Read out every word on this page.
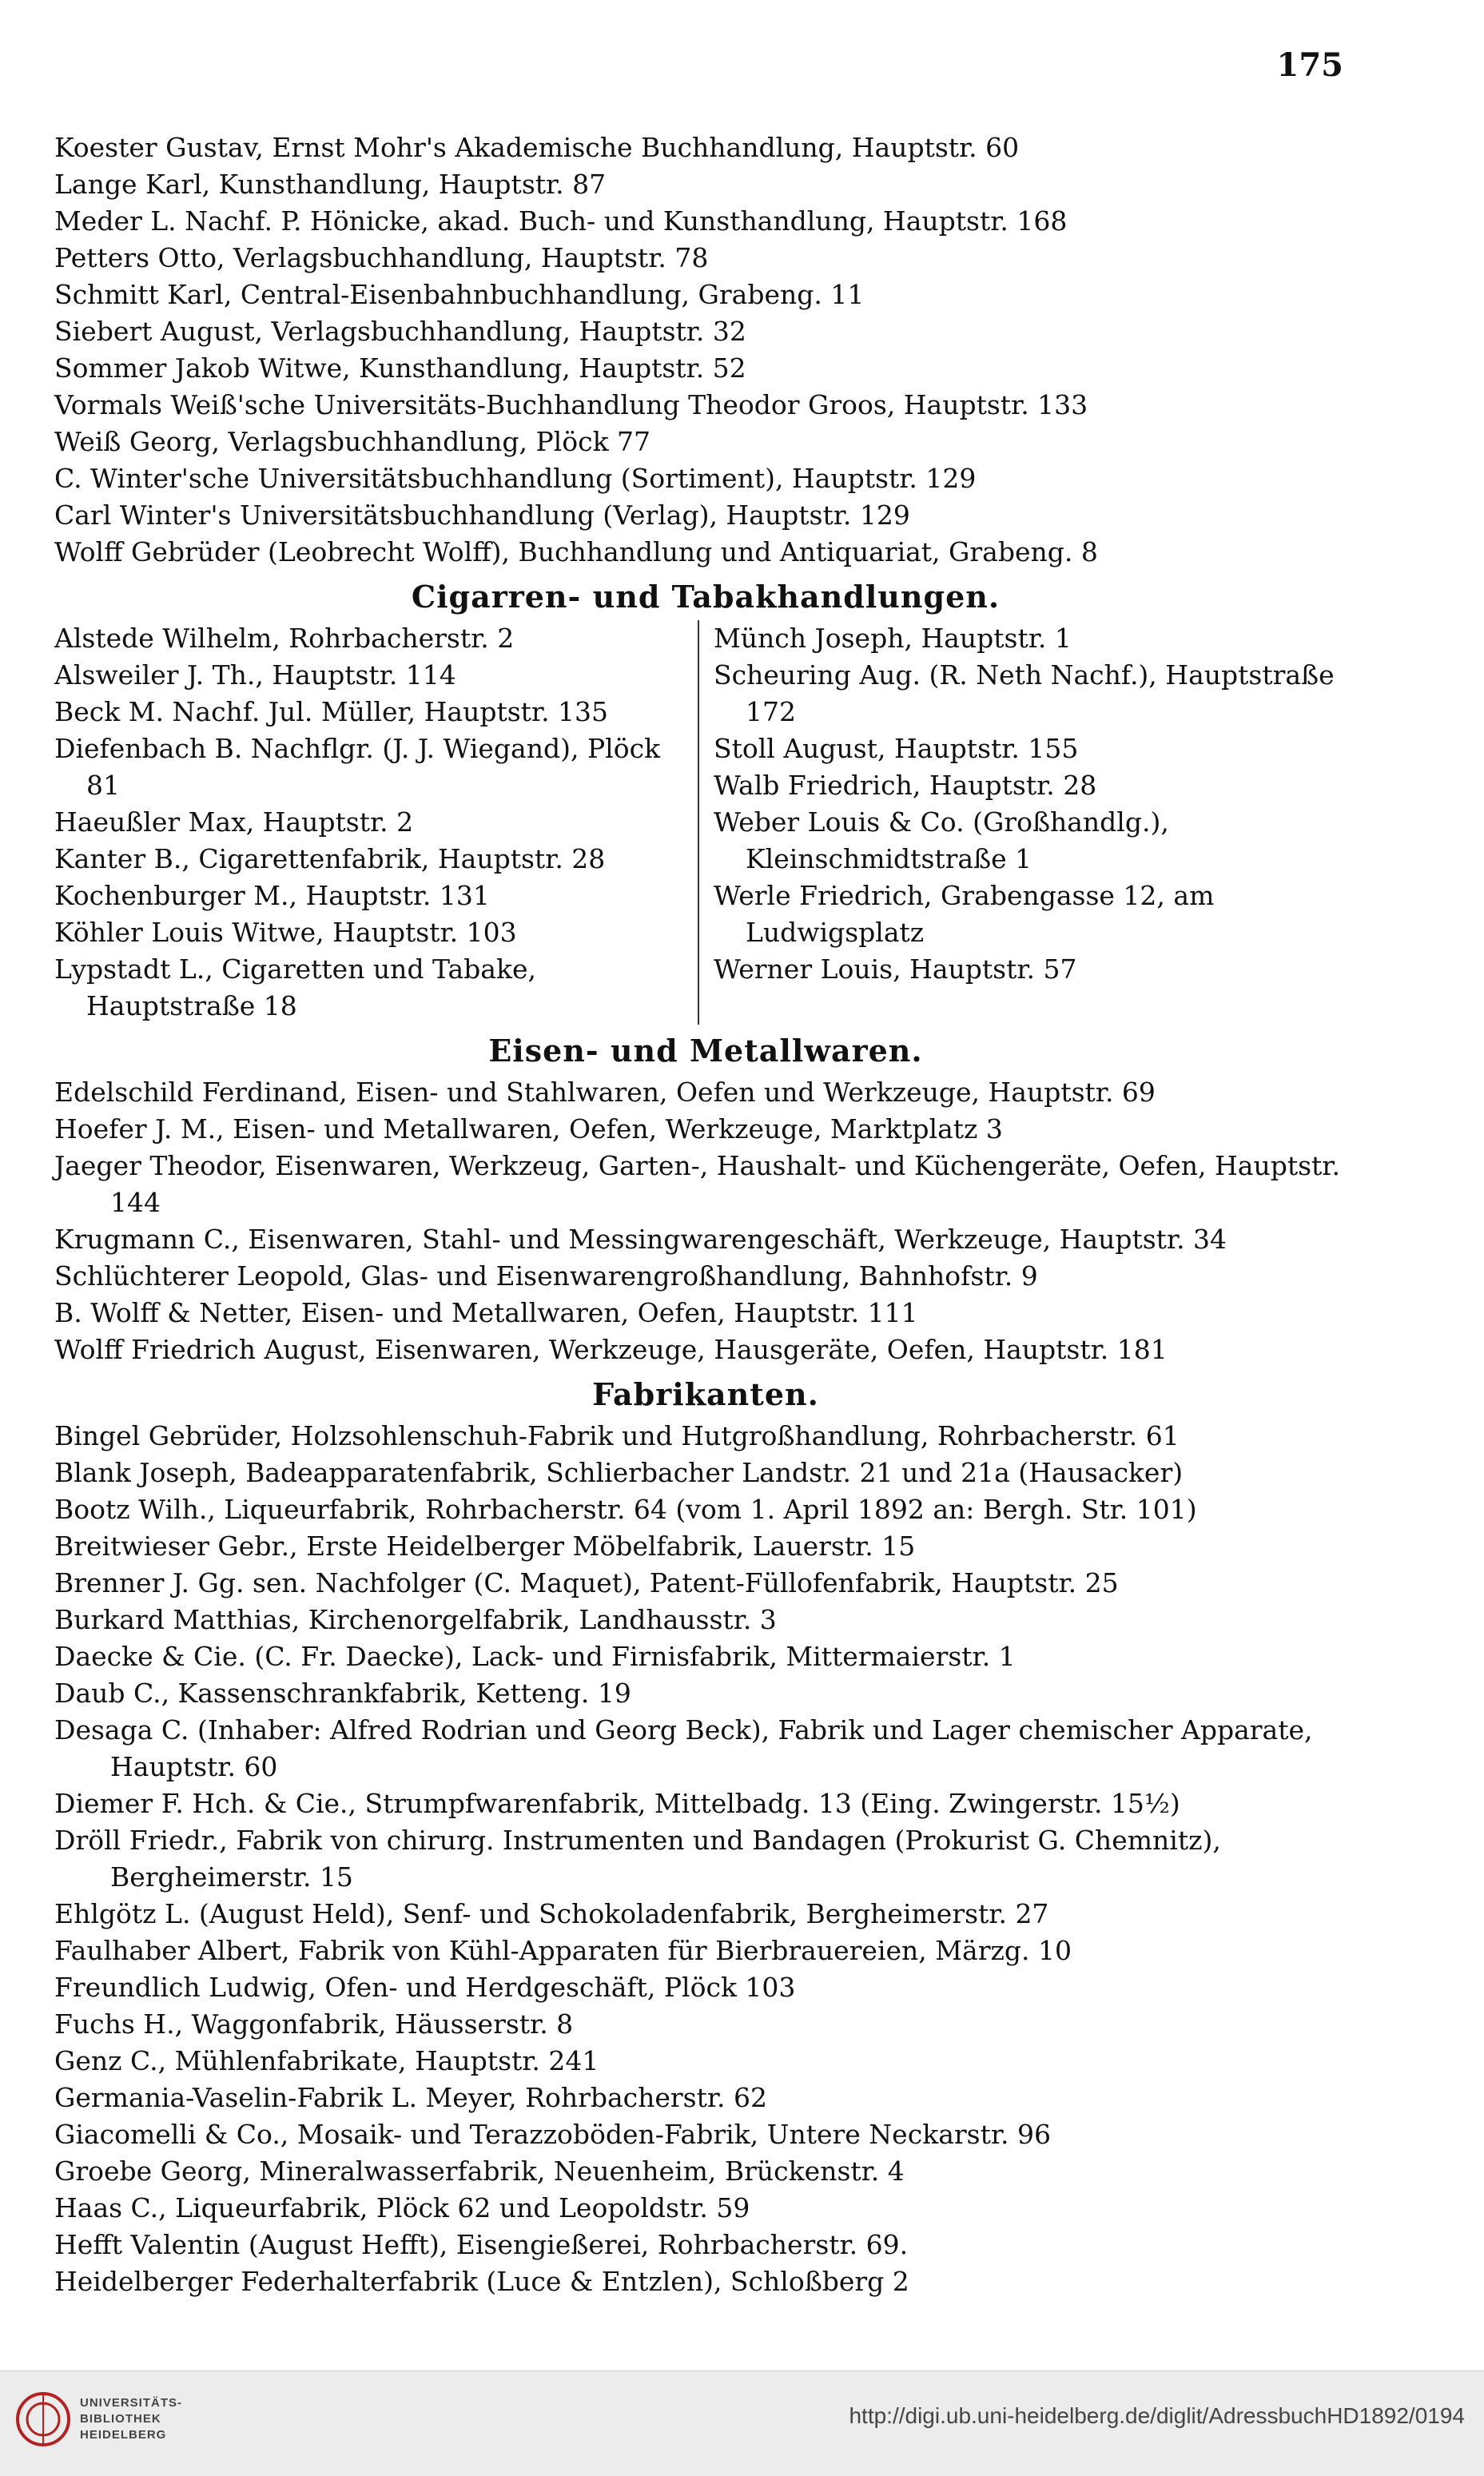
175
Koester Gustav, Ernst Mohr's Akademische Buchhandlung, Hauptstr. 60
Lange Karl, Kunsthandlung, Hauptstr. 87
Meder L. Nachf. P. Hönicke, akad. Buch- und Kunsthandlung, Hauptstr. 168
Petters Otto, Verlagsbuchhandlung, Hauptstr. 78
Schmitt Karl, Central-Eisenbahnbuchhandlung, Grabeng. 11
Siebert August, Verlagsbuchhandlung, Hauptstr. 32
Sommer Jakob Witwe, Kunsthandlung, Hauptstr. 52
Vormals Weiß'sche Universitäts-Buchhandlung Theodor Groos, Hauptstr. 133
Weiß Georg, Verlagsbuchhandlung, Plöck 77
C. Winter'sche Universitätsbuchhandlung (Sortiment), Hauptstr. 129
Carl Winter's Universitätsbuchhandlung (Verlag), Hauptstr. 129
Wolff Gebrüder (Leobrecht Wolff), Buchhandlung und Antiquariat, Grabeng. 8
Cigarren- und Tabakhandlungen.
Alstede Wilhelm, Rohrbacherstr. 2
Alsweiler J. Th., Hauptstr. 114
Beck M. Nachf. Jul. Müller, Hauptstr. 135
Diefenbach B. Nachflgr. (J. J. Wiegand), Plöck 81
Haeußler Max, Hauptstr. 2
Kanter B., Cigarettenfabrik, Hauptstr. 28
Kochenburger M., Hauptstr. 131
Köhler Louis Witwe, Hauptstr. 103
Lypstadt L., Cigaretten und Tabake, Hauptstraße 18
Münch Joseph, Hauptstr. 1
Scheuring Aug. (R. Neth Nachf.), Hauptstraße 172
Stoll August, Hauptstr. 155
Walb Friedrich, Hauptstr. 28
Weber Louis & Co. (Großhandlg.), Kleinschmidtstraße 1
Werle Friedrich, Grabengasse 12, am Ludwigsplatz
Werner Louis, Hauptstr. 57
Eisen- und Metallwaren.
Edelschild Ferdinand, Eisen- und Stahlwaren, Oefen und Werkzeuge, Hauptstr. 69
Hoefer J. M., Eisen- und Metallwaren, Oefen, Werkzeuge, Marktplatz 3
Jaeger Theodor, Eisenwaren, Werkzeug, Garten-, Haushalt- und Küchengeräte, Oefen, Hauptstr. 144
Krugmann C., Eisenwaren, Stahl- und Messingwarengeschäft, Werkzeuge, Hauptstr. 34
Schlüchterer Leopold, Glas- und Eisenwarengroßhandlung, Bahnhofstr. 9
B. Wolff & Netter, Eisen- und Metallwaren, Oefen, Hauptstr. 111
Wolff Friedrich August, Eisenwaren, Werkzeuge, Hausgeräte, Oefen, Hauptstr. 181
Fabrikanten.
Bingel Gebrüder, Holzsohlenschuh-Fabrik und Hutgroßhandlung, Rohrbacherstr. 61
Blank Joseph, Badeapparatenfabrik, Schlierbacher Landstr. 21 und 21a (Hausacker)
Bootz Wilh., Liqueurfabrik, Rohrbacherstr. 64 (vom 1. April 1892 an: Bergh. Str. 101)
Breitwieser Gebr., Erste Heidelberger Möbelfabrik, Lauerstr. 15
Brenner J. Gg. sen. Nachfolger (C. Maquet), Patent-Füllofenfabrik, Hauptstr. 25
Burkard Matthias, Kirchenorgelfabrik, Landhausstr. 3
Daecke & Cie. (C. Fr. Daecke), Lack- und Firnisfabrik, Mittermaierstr. 1
Daub C., Kassenschrankfabrik, Ketteng. 19
Desaga C. (Inhaber: Alfred Rodrian und Georg Beck), Fabrik und Lager chemischer Apparate, Hauptstr. 60
Diemer F. Hch. & Cie., Strumpfwarenfabrik, Mittelbadg. 13 (Eing. Zwingerstr. 15½)
Dröll Friedr., Fabrik von chirurg. Instrumenten und Bandagen (Prokurist G. Chemnitz), Bergheimerstr. 15
Ehlgötz L. (August Held), Senf- und Schokoladenfabrik, Bergheimerstr. 27
Faulhaber Albert, Fabrik von Kühl-Apparaten für Bierbrauereien, Märzg. 10
Freundlich Ludwig, Ofen- und Herdgeschäft, Plöck 103
Fuchs H., Waggonfabrik, Häusserstr. 8
Genz C., Mühlenfabrikate, Hauptstr. 241
Germania-Vaselin-Fabrik L. Meyer, Rohrbacherstr. 62
Giacomelli & Co., Mosaik- und Terazzoböden-Fabrik, Untere Neckarstr. 96
Groebe Georg, Mineralwasserfabrik, Neuenheim, Brückenstr. 4
Haas C., Liqueurfabrik, Plöck 62 und Leopoldstr. 59
Hefft Valentin (August Hefft), Eisengießerei, Rohrbacherstr. 69.
Heidelberger Federhalterfabrik (Luce & Entzlen), Schloßberg 2
UNIVERSITÄTS-
BIBLIOTHEK
HEIDELBERG
http://digi.ub.uni-heidelberg.de/diglit/AdressbuchHD1892/0194
